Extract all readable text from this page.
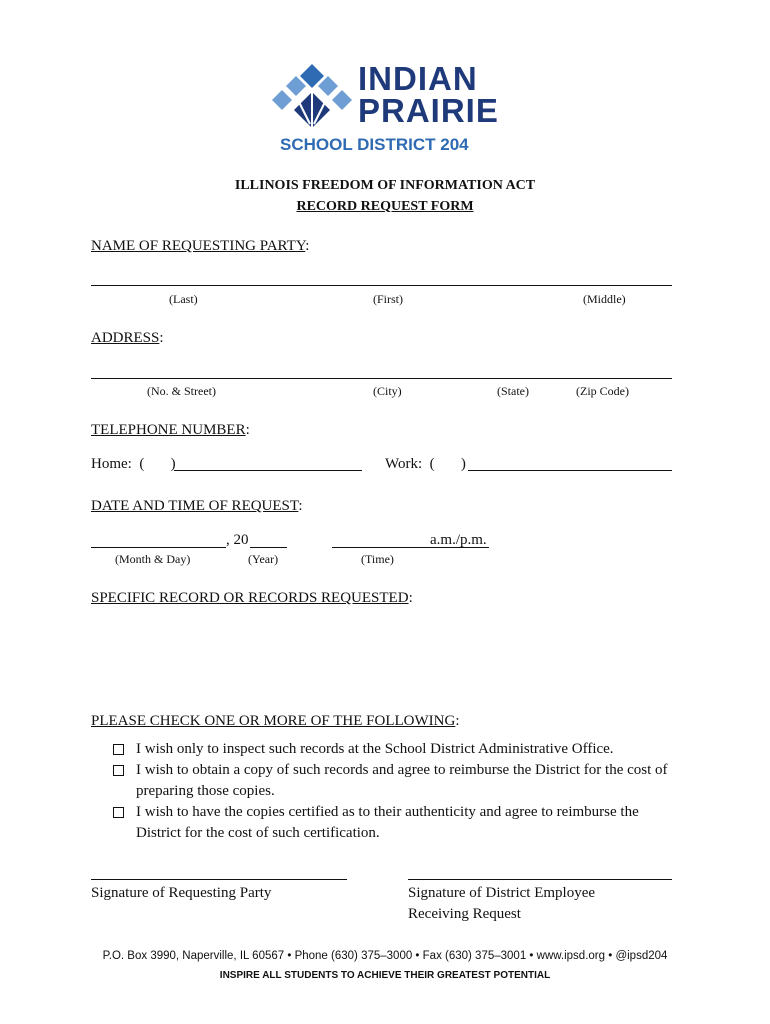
INDIAN
PRAIRIE
SCHOOL DISTRICT 204
ILLINOIS FREEDOM OF INFORMATION ACT
RECORD REQUEST FORM
NAME OF REQUESTING PARTY:
(Last)	(First)	(Middle)
ADDRESS:
(No. & Street)	(City)	(State)	(Zip Code)
TELEPHONE NUMBER:
Home:  (       )	Work:  (       )
DATE AND TIME OF REQUEST:
, 20	a.m./p.m.
(Month & Day)	(Year)	(Time)
SPECIFIC RECORD OR RECORDS REQUESTED:
PLEASE CHECK ONE OR MORE OF THE FOLLOWING:
I wish only to inspect such records at the School District Administrative Office.
I wish to obtain a copy of such records and agree to reimburse the District for the cost of
preparing those copies.
I wish to have the copies certified as to their authenticity and agree to reimburse the
District for the cost of such certification.
Signature of Requesting Party	Signature of District Employee
Receiving Request
P.O. Box 3990, Naperville, IL 60567 • Phone (630) 375–3000 • Fax (630) 375–3001 • www.ipsd.org • @ipsd204
INSPIRE ALL STUDENTS TO ACHIEVE THEIR GREATEST POTENTIAL
